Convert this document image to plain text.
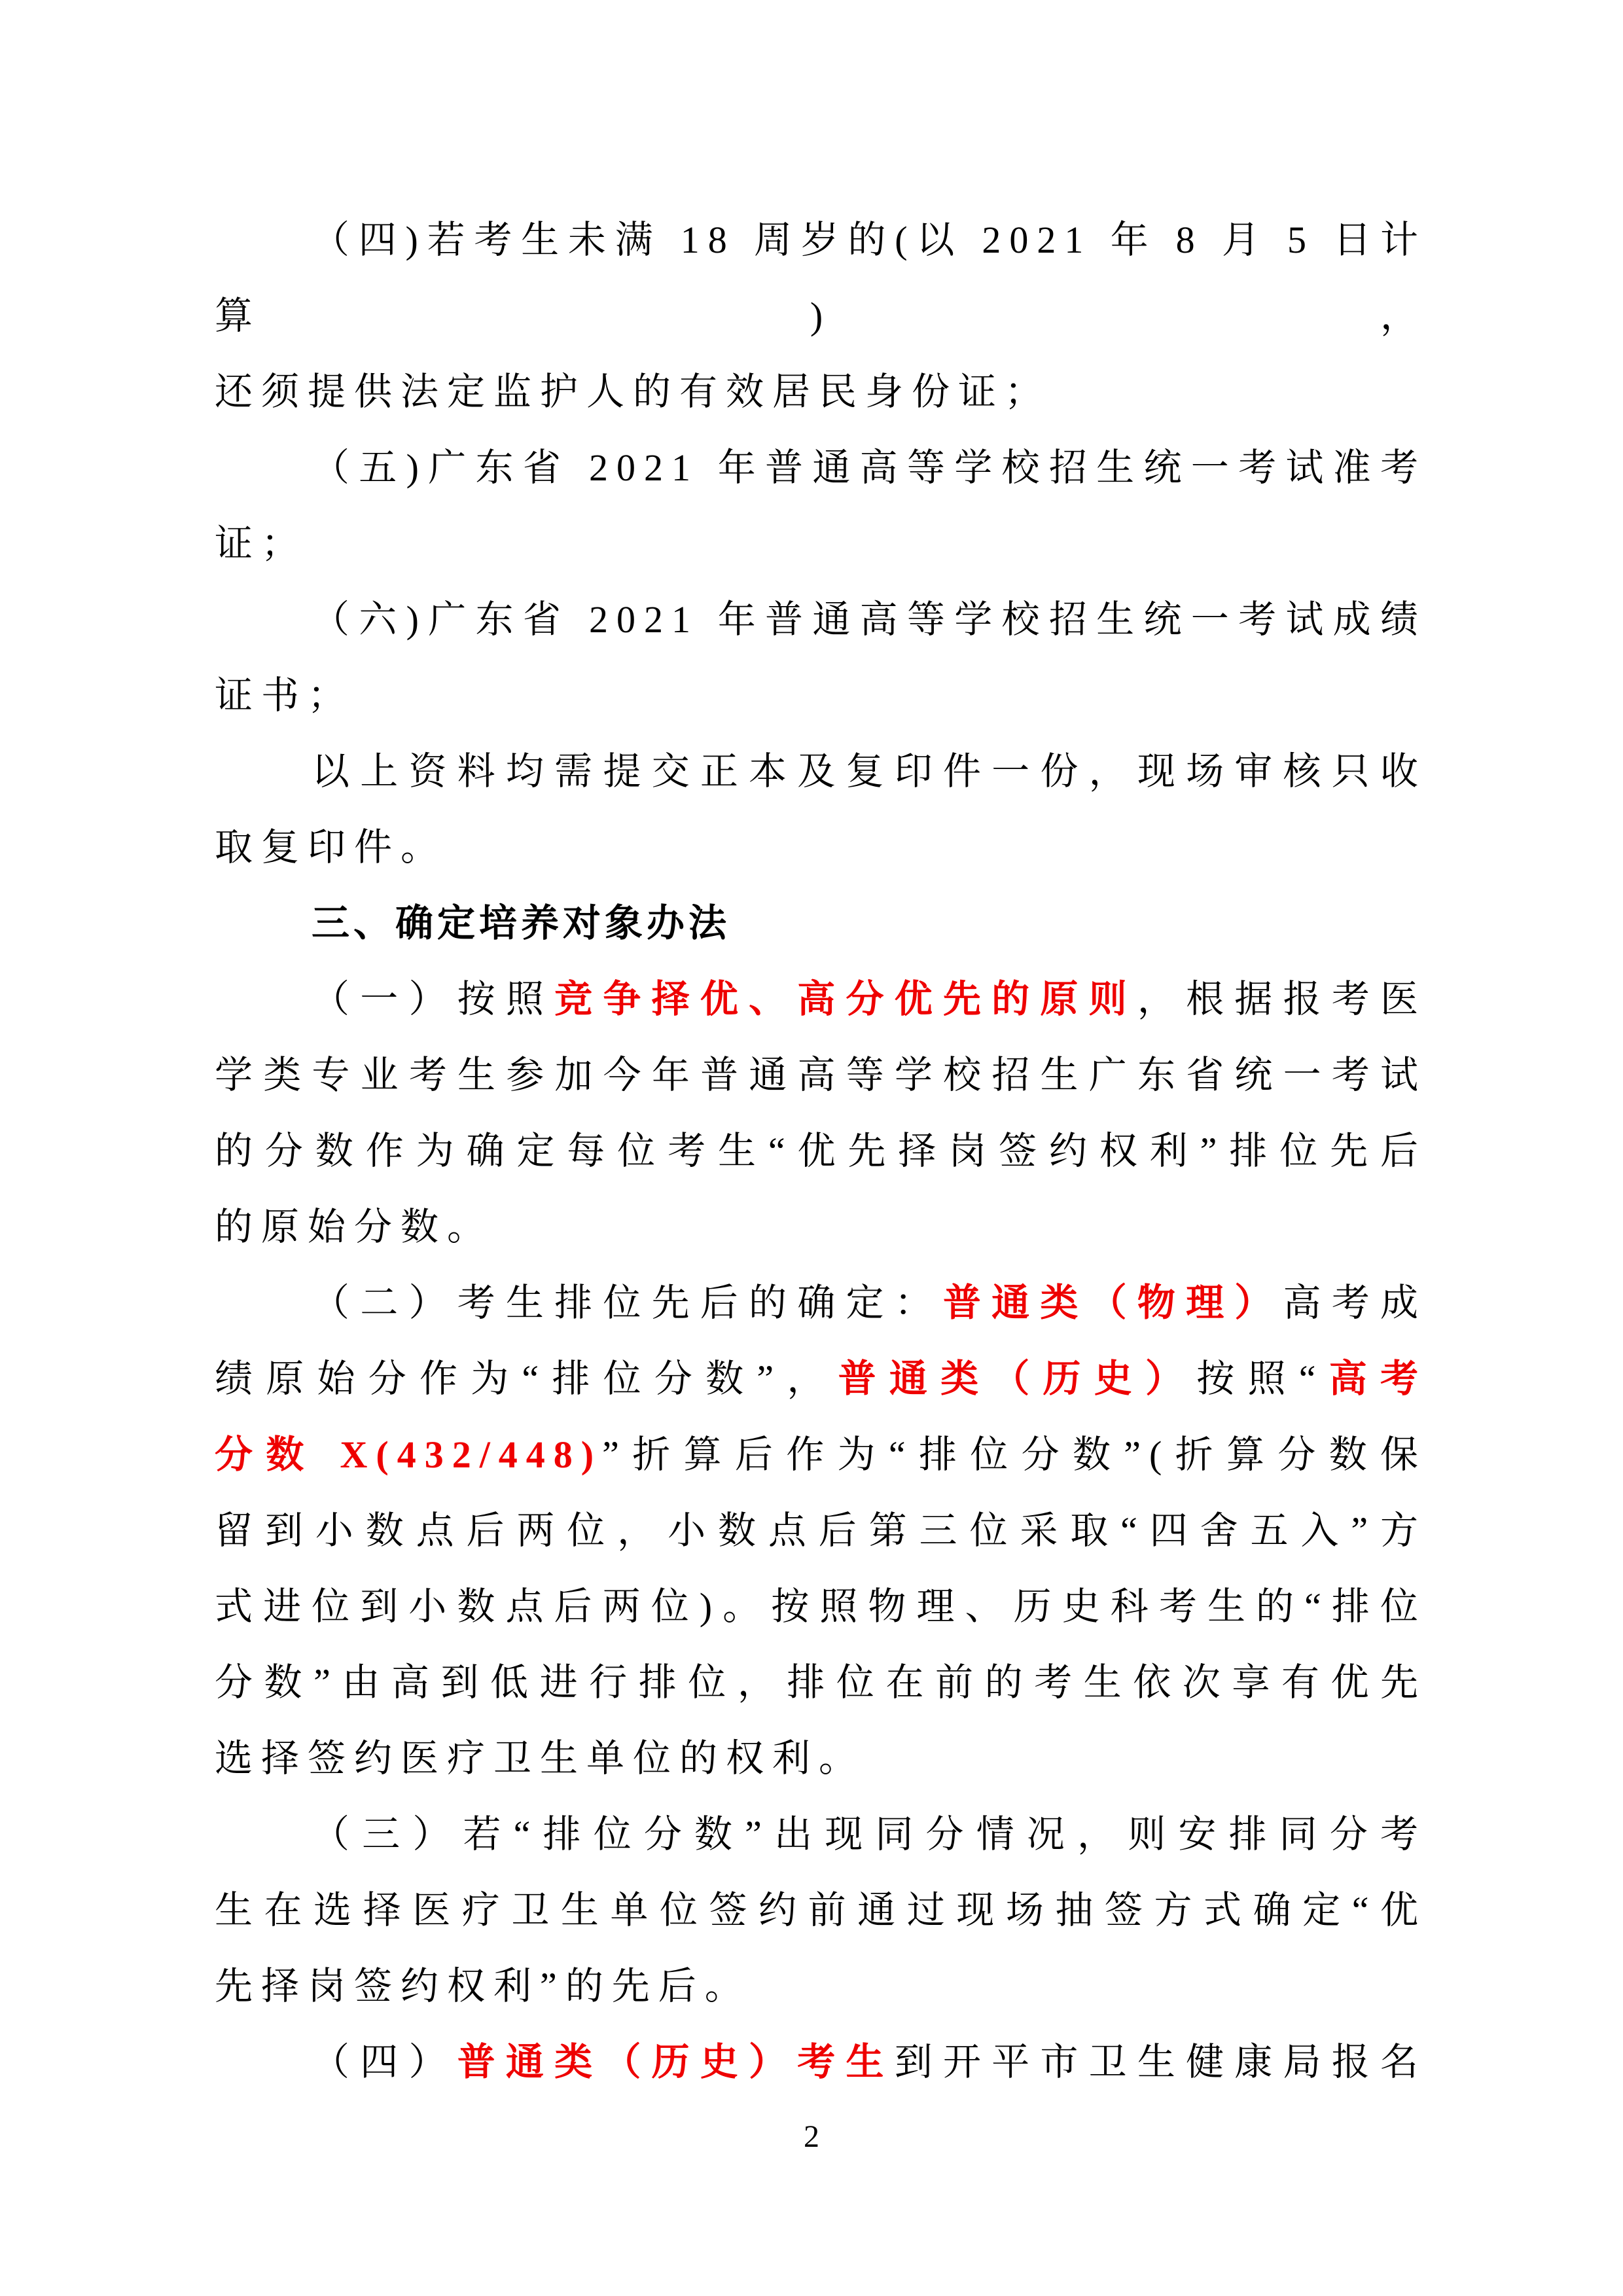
（四)若考生未满 18 周岁的(以 2021 年 8 月 5 日计算)，
还须提供法定监护人的有效居民身份证；
（五)广东省 2021 年普通高等学校招生统一考试准考
证；
（六)广东省 2021 年普通高等学校招生统一考试成绩
证书；
以上资料均需提交正本及复印件一份，现场审核只收
取复印件。
三、确定培养对象办法
（一）按照竞争择优、高分优先的原则，根据报考医
学类专业考生参加今年普通高等学校招生广东省统一考试
的分数作为确定每位考生“优先择岗签约权利”排位先后
的原始分数。
（二）考生排位先后的确定：普通类（物理）高考成
绩原始分作为“排位分数”，普通类（历史）按照“高考
分数 X(432/448)”折算后作为“排位分数”(折算分数保
留到小数点后两位，小数点后第三位采取“四舍五入”方
式进位到小数点后两位)。按照物理、历史科考生的“排位
分数”由高到低进行排位，排位在前的考生依次享有优先
选择签约医疗卫生单位的权利。
（三）若“排位分数”出现同分情况，则安排同分考
生在选择医疗卫生单位签约前通过现场抽签方式确定“优
先择岗签约权利”的先后。
（四）普通类（历史）考生到开平市卫生健康局报名
2
